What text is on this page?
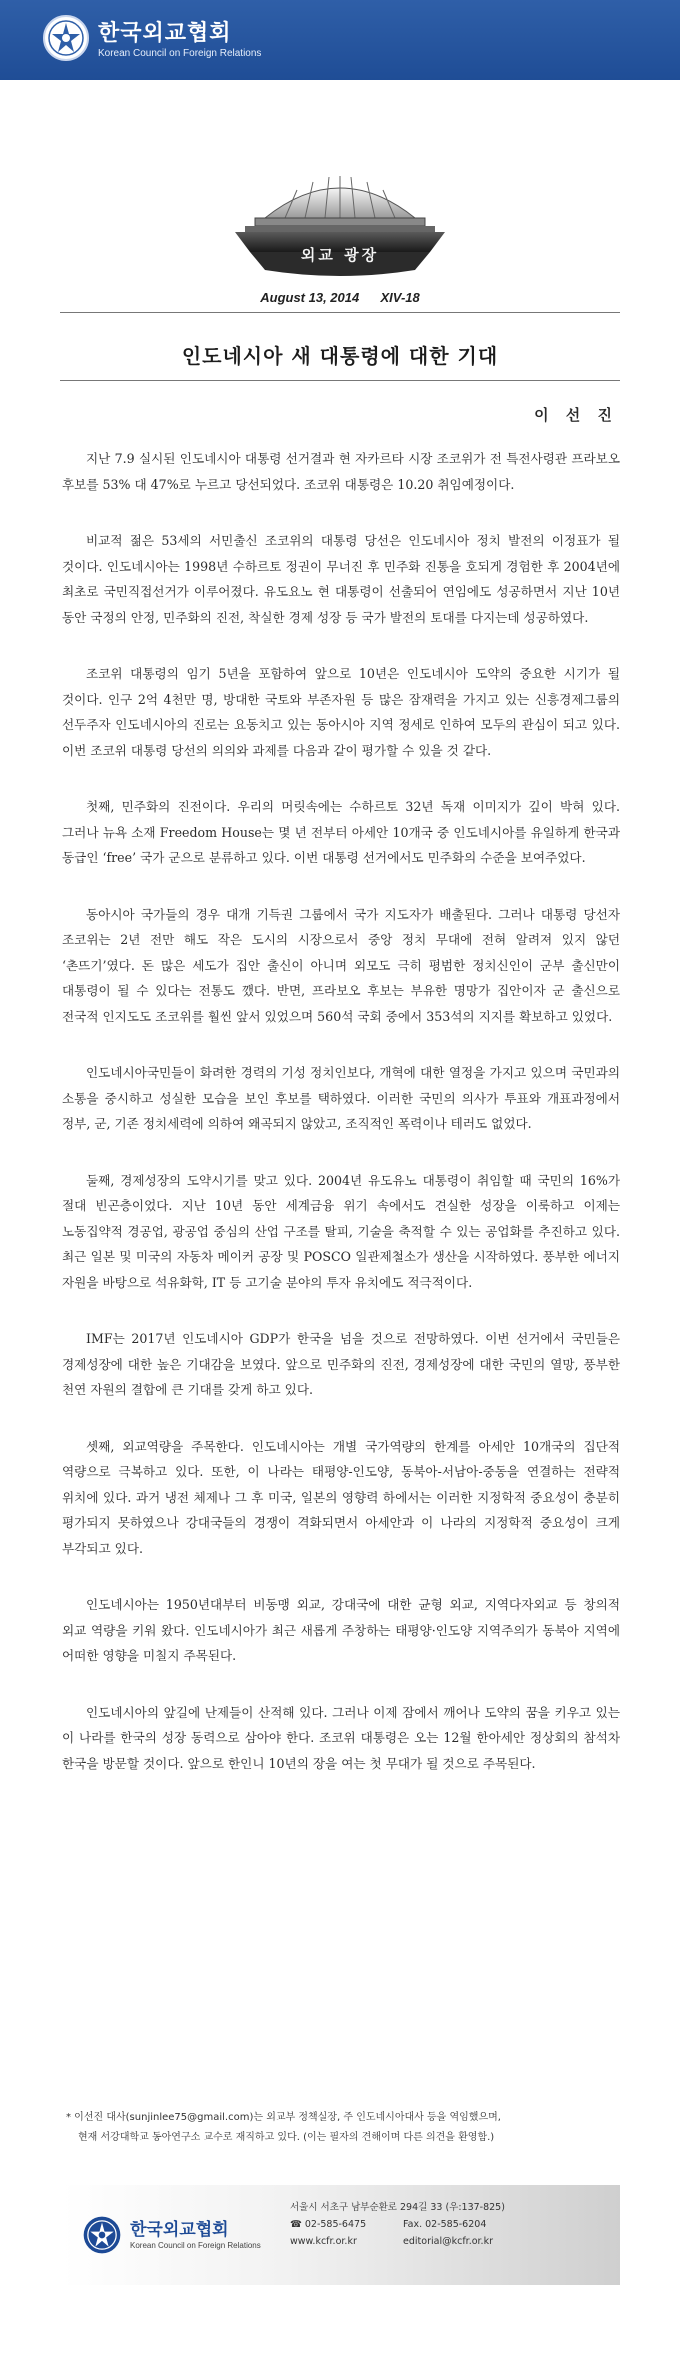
한국외교협회
Korean Council on Foreign Relations
외교 광장
August 13, 2014 XIV-18
인도네시아 새 대통령에 대한 기대
이 선 진

지난 7.9 실시된 인도네시아 대통령 선거결과 현 자카르타 시장 조코위가 전 특전사령관 프라보오 후보를 53% 대 47%로 누르고 당선되었다. 조코위 대통령은 10.20 취임예정이다.

비교적 젊은 53세의 서민출신 조코위의 대통령 당선은 인도네시아 정치 발전의 이정표가 될 것이다. 인도네시아는 1998년 수하르토 정권이 무너진 후 민주화 진통을 호되게 경험한 후 2004년에 최초로 국민직접선거가 이루어졌다. 유도요노 현 대통령이 선출되어 연임에도 성공하면서 지난 10년 동안 국정의 안정, 민주화의 진전, 착실한 경제 성장 등 국가 발전의 토대를 다지는데 성공하였다.

조코위 대통령의 임기 5년을 포함하여 앞으로 10년은 인도네시아 도약의 중요한 시기가 될 것이다. 인구 2억 4천만 명, 방대한 국토와 부존자원 등 많은 잠재력을 가지고 있는 신흥경제그룹의 선두주자 인도네시아의 진로는 요동치고 있는 동아시아 지역 정세로 인하여 모두의 관심이 되고 있다. 이번 조코위 대통령 당선의 의의와 과제를 다음과 같이 평가할 수 있을 것 같다.

첫째, 민주화의 진전이다. 우리의 머릿속에는 수하르토 32년 독재 이미지가 깊이 박혀 있다. 그러나 뉴욕 소재 Freedom House는 몇 년 전부터 아세안 10개국 중 인도네시아를 유일하게 한국과 동급인 ‘free’ 국가 군으로 분류하고 있다. 이번 대통령 선거에서도 민주화의 수준을 보여주었다.

동아시아 국가들의 경우 대개 기득권 그룹에서 국가 지도자가 배출된다. 그러나 대통령 당선자 조코위는 2년 전만 해도 작은 도시의 시장으로서 중앙 정치 무대에 전혀 알려져 있지 않던 ‘촌뜨기’였다. 돈 많은 세도가 집안 출신이 아니며 외모도 극히 평범한 정치신인이 군부 출신만이 대통령이 될 수 있다는 전통도 깼다. 반면, 프라보오 후보는 부유한 명망가 집안이자 군 출신으로 전국적 인지도도 조코위를 훨씬 앞서 있었으며 560석 국회 중에서 353석의 지지를 확보하고 있었다.

인도네시아국민들이 화려한 경력의 기성 정치인보다, 개혁에 대한 열정을 가지고 있으며 국민과의 소통을 중시하고 성실한 모습을 보인 후보를 택하였다. 이러한 국민의 의사가 투표와 개표과정에서 정부, 군, 기존 정치세력에 의하여 왜곡되지 않았고, 조직적인 폭력이나 테러도 없었다.

둘째, 경제성장의 도약시기를 맞고 있다. 2004년 유도유노 대통령이 취임할 때 국민의 16%가 절대 빈곤층이었다. 지난 10년 동안 세계금융 위기 속에서도 견실한 성장을 이룩하고 이제는 노동집약적 경공업, 광공업 중심의 산업 구조를 탈피, 기술을 축적할 수 있는 공업화를 추진하고 있다. 최근 일본 및 미국의 자동차 메이커 공장 및 POSCO 일관제철소가 생산을 시작하였다. 풍부한 에너지 자원을 바탕으로 석유화학, IT 등 고기술 분야의 투자 유치에도 적극적이다.

IMF는 2017년 인도네시아 GDP가 한국을 넘을 것으로 전망하였다. 이번 선거에서 국민들은 경제성장에 대한 높은 기대감을 보였다. 앞으로 민주화의 진전, 경제성장에 대한 국민의 열망, 풍부한 천연 자원의 결합에 큰 기대를 갖게 하고 있다.

셋째, 외교역량을 주목한다. 인도네시아는 개별 국가역량의 한계를 아세안 10개국의 집단적 역량으로 극복하고 있다. 또한, 이 나라는 태평양-인도양, 동북아-서남아-중동을 연결하는 전략적 위치에 있다. 과거 냉전 체제나 그 후 미국, 일본의 영향력 하에서는 이러한 지정학적 중요성이 충분히 평가되지 못하였으나 강대국들의 경쟁이 격화되면서 아세안과 이 나라의 지정학적 중요성이 크게 부각되고 있다.

인도네시아는 1950년대부터 비동맹 외교, 강대국에 대한 균형 외교, 지역다자외교 등 창의적 외교 역량을 키워 왔다. 인도네시아가 최근 새롭게 주창하는 태평양·인도양 지역주의가 동북아 지역에 어떠한 영향을 미칠지 주목된다.

인도네시아의 앞길에 난제들이 산적해 있다. 그러나 이제 잠에서 깨어나 도약의 꿈을 키우고 있는 이 나라를 한국의 성장 동력으로 삼아야 한다. 조코위 대통령은 오는 12월 한아세안 정상회의 참석차 한국을 방문할 것이다. 앞으로 한인니 10년의 장을 여는 첫 무대가 될 것으로 주목된다.

* 이선진 대사(sunjinlee75@gmail.com)는 외교부 정책실장, 주 인도네시아대사 등을 역임했으며,
현재 서강대학교 동아연구소 교수로 재직하고 있다. (이는 필자의 견해이며 다른 의견을 환영함.)
한국외교협회
Korean Council on Foreign Relations
서울시 서초구 남부순환로 294길 33 (우:137-825)
☎ 02-585-6475	Fax. 02-585-6204
www.kcfr.or.kr	editorial@kcfr.or.kr
